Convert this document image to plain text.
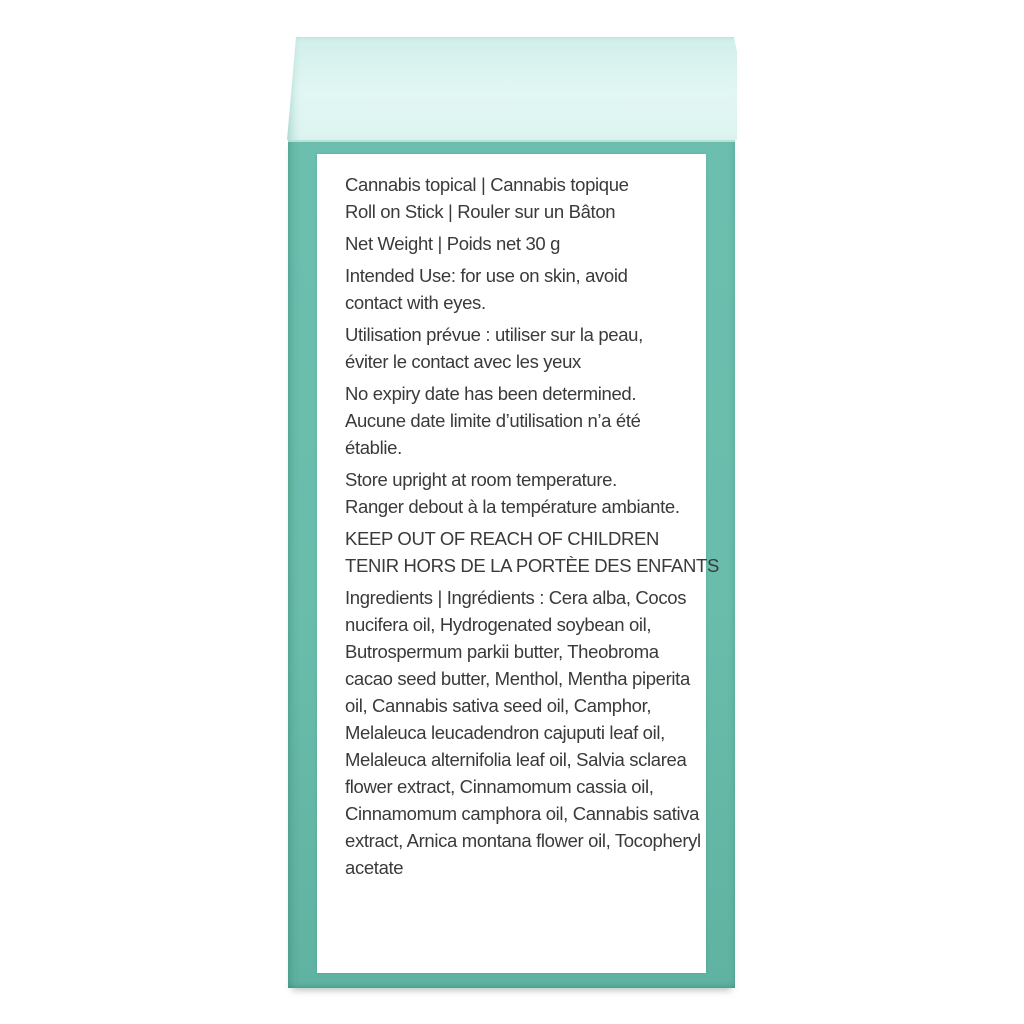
Cannabis topical | Cannabis topique
Roll on Stick | Rouler sur un Bâton
Net Weight | Poids net 30 g
Intended Use: for use on skin, avoid
contact with eyes.
Utilisation prévue : utiliser sur la peau,
éviter le contact avec les yeux
No expiry date has been determined.
Aucune date limite d’utilisation n’a été
établie.
Store upright at room temperature.
Ranger debout à la température ambiante.
KEEP OUT OF REACH OF CHILDREN
TENIR HORS DE LA PORTÈE DES ENFANTS
Ingredients | Ingrédients : Cera alba, Cocos
nucifera oil, Hydrogenated soybean oil,
Butrospermum parkii butter, Theobroma
cacao seed butter, Menthol, Mentha piperita
oil, Cannabis sativa seed oil, Camphor,
Melaleuca leucadendron cajuputi leaf oil,
Melaleuca alternifolia leaf oil, Salvia sclarea
flower extract, Cinnamomum cassia oil,
Cinnamomum camphora oil, Cannabis sativa
extract, Arnica montana flower oil, Tocopheryl
acetate
